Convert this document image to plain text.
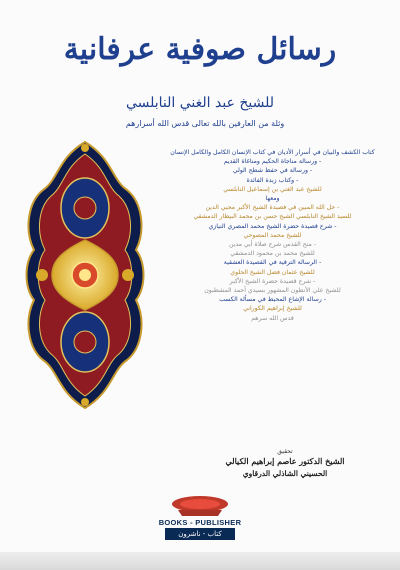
رسائل صوفية عرفانية
للشيخ عبد الغني النابلسي
وثلة من العارفين بالله تعالى قدس الله أسرارهم
كتاب الكشف والبيان في أسرار الأديان في كتاب الإنسان الكامل والكامل الإنسان
- ورسالة مناجاة الحكيم ومناغاة القديم
- ورسالة في حفظ شطح الولي
- وكتاب زبدة الفائدة
للشيخ عبد الغني بن إسماعيل النابلسي
ومعها
- حل الله المبين في فصيدة الشيخ الأكبر محيي الدين
للسيد الشيخ النابلسي الشيخ حسن بن محمد البيطار الدمشقي
- شرح قصيدة حضرة الشيخ محمد المصري النيازي
للشيخ محمد المصوحي
- منح القدس شرح صلاة أبي مدين
للشيخ محمد بن محمود الدمشقي
- الرسالة الترقية في القصيدة العشقية
للشيخ عثمان فضل الشيخ الحلوي
- شرح قصيدة حضرة الشيخ الأكبر
للشيخ علي الأنطون المشهور بسيدي أحمد المشطبون
- رسالة الإشاع المحيط في مسألة الكسب
للشيخ إبراهيم الكوراني
قدس الله سرهم
تحقيق
الشيخ الدكتور عاصم إبراهيم الكيالي
الحسيني الشاذلي الدرقاوي
BOOKS - PUBLISHER
كتاب - ناشرون
